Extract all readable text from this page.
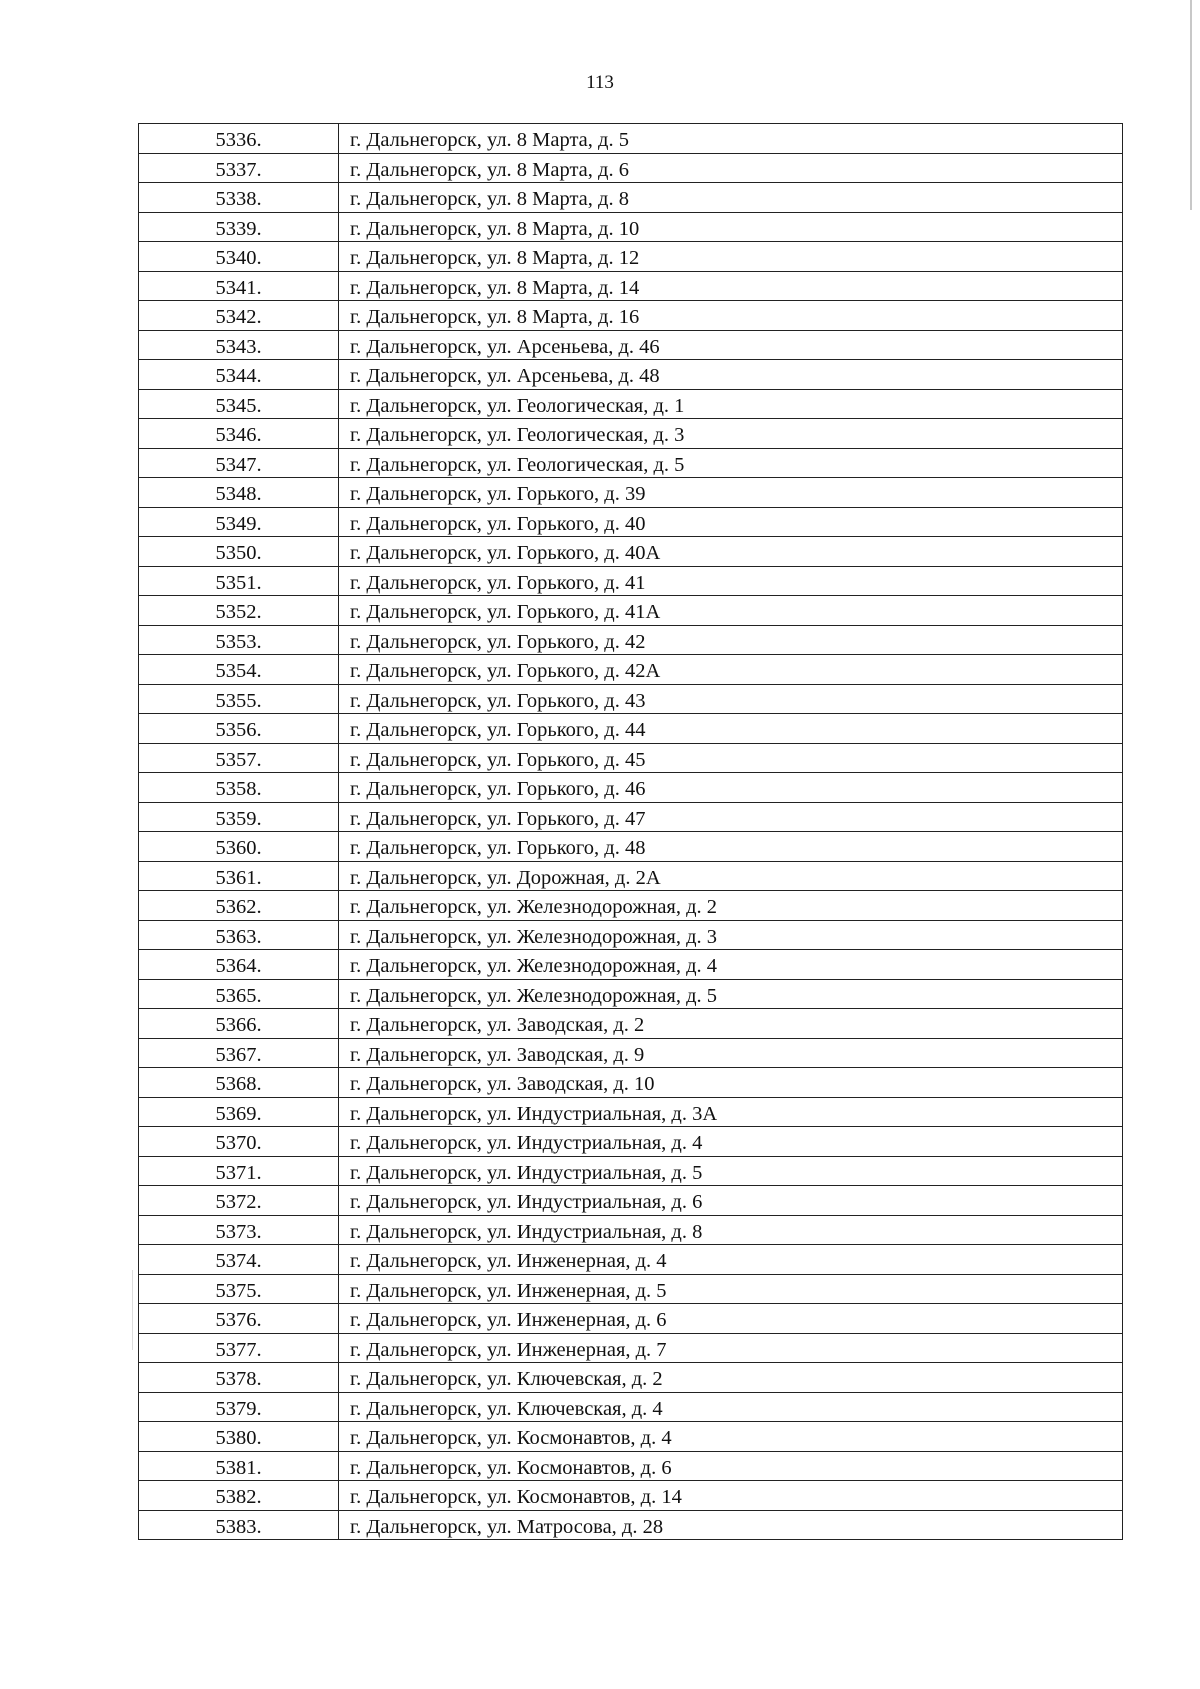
113
5336.	г. Дальнегорск, ул. 8 Марта, д. 5
5337.	г. Дальнегорск, ул. 8 Марта, д. 6
5338.	г. Дальнегорск, ул. 8 Марта, д. 8
5339.	г. Дальнегорск, ул. 8 Марта, д. 10
5340.	г. Дальнегорск, ул. 8 Марта, д. 12
5341.	г. Дальнегорск, ул. 8 Марта, д. 14
5342.	г. Дальнегорск, ул. 8 Марта, д. 16
5343.	г. Дальнегорск, ул. Арсеньева, д. 46
5344.	г. Дальнегорск, ул. Арсеньева, д. 48
5345.	г. Дальнегорск, ул. Геологическая, д. 1
5346.	г. Дальнегорск, ул. Геологическая, д. 3
5347.	г. Дальнегорск, ул. Геологическая, д. 5
5348.	г. Дальнегорск, ул. Горького, д. 39
5349.	г. Дальнегорск, ул. Горького, д. 40
5350.	г. Дальнегорск, ул. Горького, д. 40А
5351.	г. Дальнегорск, ул. Горького, д. 41
5352.	г. Дальнегорск, ул. Горького, д. 41А
5353.	г. Дальнегорск, ул. Горького, д. 42
5354.	г. Дальнегорск, ул. Горького, д. 42А
5355.	г. Дальнегорск, ул. Горького, д. 43
5356.	г. Дальнегорск, ул. Горького, д. 44
5357.	г. Дальнегорск, ул. Горького, д. 45
5358.	г. Дальнегорск, ул. Горького, д. 46
5359.	г. Дальнегорск, ул. Горького, д. 47
5360.	г. Дальнегорск, ул. Горького, д. 48
5361.	г. Дальнегорск, ул. Дорожная, д. 2А
5362.	г. Дальнегорск, ул. Железнодорожная, д. 2
5363.	г. Дальнегорск, ул. Железнодорожная, д. 3
5364.	г. Дальнегорск, ул. Железнодорожная, д. 4
5365.	г. Дальнегорск, ул. Железнодорожная, д. 5
5366.	г. Дальнегорск, ул. Заводская, д. 2
5367.	г. Дальнегорск, ул. Заводская, д. 9
5368.	г. Дальнегорск, ул. Заводская, д. 10
5369.	г. Дальнегорск, ул. Индустриальная, д. 3А
5370.	г. Дальнегорск, ул. Индустриальная, д. 4
5371.	г. Дальнегорск, ул. Индустриальная, д. 5
5372.	г. Дальнегорск, ул. Индустриальная, д. 6
5373.	г. Дальнегорск, ул. Индустриальная, д. 8
5374.	г. Дальнегорск, ул. Инженерная, д. 4
5375.	г. Дальнегорск, ул. Инженерная, д. 5
5376.	г. Дальнегорск, ул. Инженерная, д. 6
5377.	г. Дальнегорск, ул. Инженерная, д. 7
5378.	г. Дальнегорск, ул. Ключевская, д. 2
5379.	г. Дальнегорск, ул. Ключевская, д. 4
5380.	г. Дальнегорск, ул. Космонавтов, д. 4
5381.	г. Дальнегорск, ул. Космонавтов, д. 6
5382.	г. Дальнегорск, ул. Космонавтов, д. 14
5383.	г. Дальнегорск, ул. Матросова, д. 28
